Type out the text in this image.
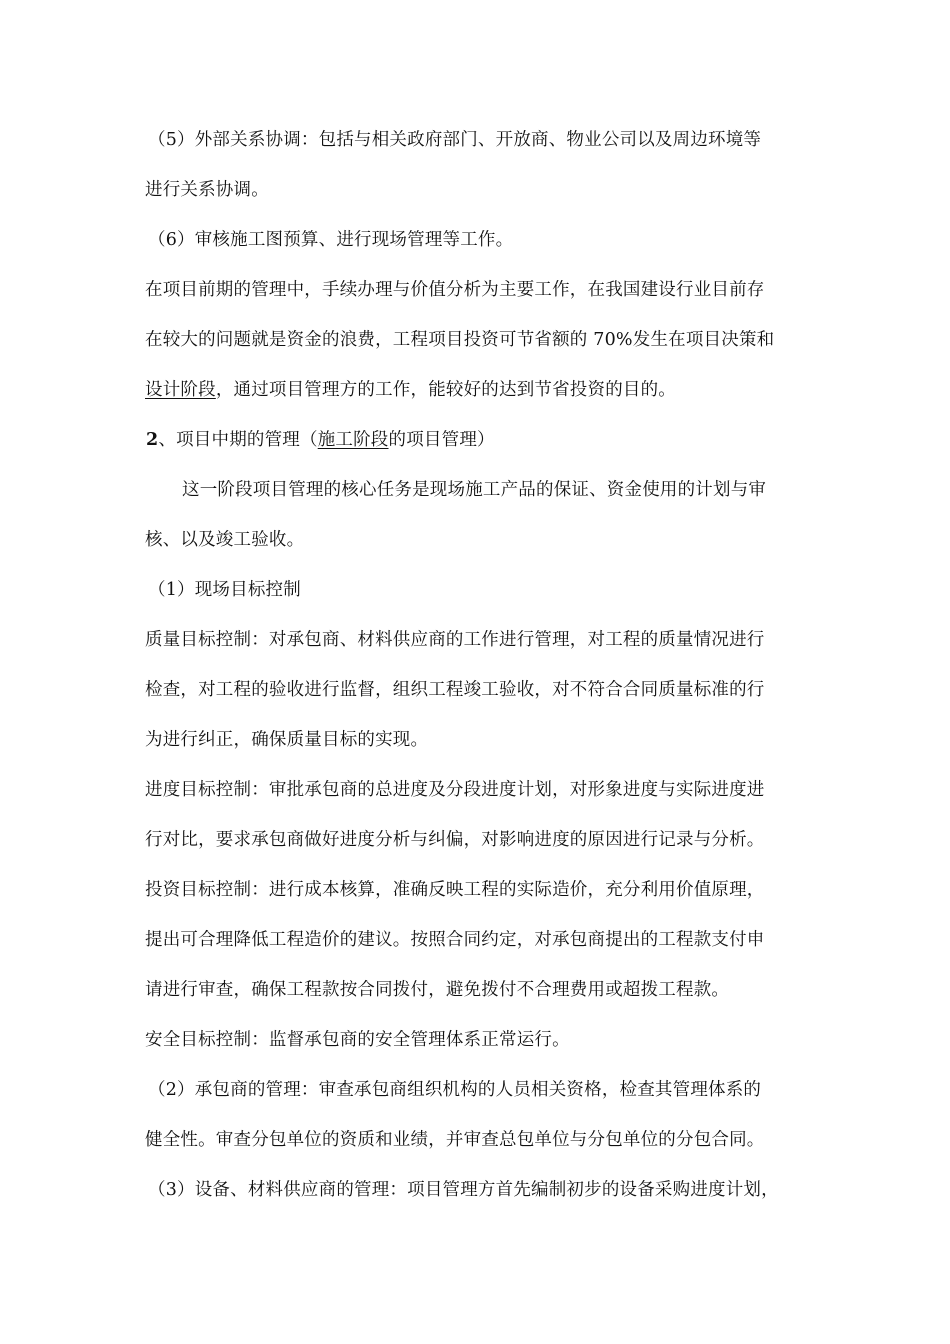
（5）外部关系协调：包括与相关政府部门、开放商、物业公司以及周边环境等
进行关系协调。
（6）审核施工图预算、进行现场管理等工作。
在项目前期的管理中，手续办理与价值分析为主要工作，在我国建设行业目前存
在较大的问题就是资金的浪费，工程项目投资可节省额的 70%发生在项目决策和
设计阶段，通过项目管理方的工作，能较好的达到节省投资的目的。
2、项目中期的管理（施工阶段的项目管理）
这一阶段项目管理的核心任务是现场施工产品的保证、资金使用的计划与审
核、以及竣工验收。
（1）现场目标控制
质量目标控制：对承包商、材料供应商的工作进行管理，对工程的质量情况进行
检查，对工程的验收进行监督，组织工程竣工验收，对不符合合同质量标准的行
为进行纠正，确保质量目标的实现。
进度目标控制：审批承包商的总进度及分段进度计划，对形象进度与实际进度进
行对比，要求承包商做好进度分析与纠偏，对影响进度的原因进行记录与分析。
投资目标控制：进行成本核算，准确反映工程的实际造价，充分利用价值原理，
提出可合理降低工程造价的建议。按照合同约定，对承包商提出的工程款支付申
请进行审查，确保工程款按合同拨付，避免拨付不合理费用或超拨工程款。
安全目标控制：监督承包商的安全管理体系正常运行。
（2）承包商的管理：审查承包商组织机构的人员相关资格，检查其管理体系的
健全性。审查分包单位的资质和业绩，并审查总包单位与分包单位的分包合同。
（3）设备、材料供应商的管理：项目管理方首先编制初步的设备采购进度计划，
